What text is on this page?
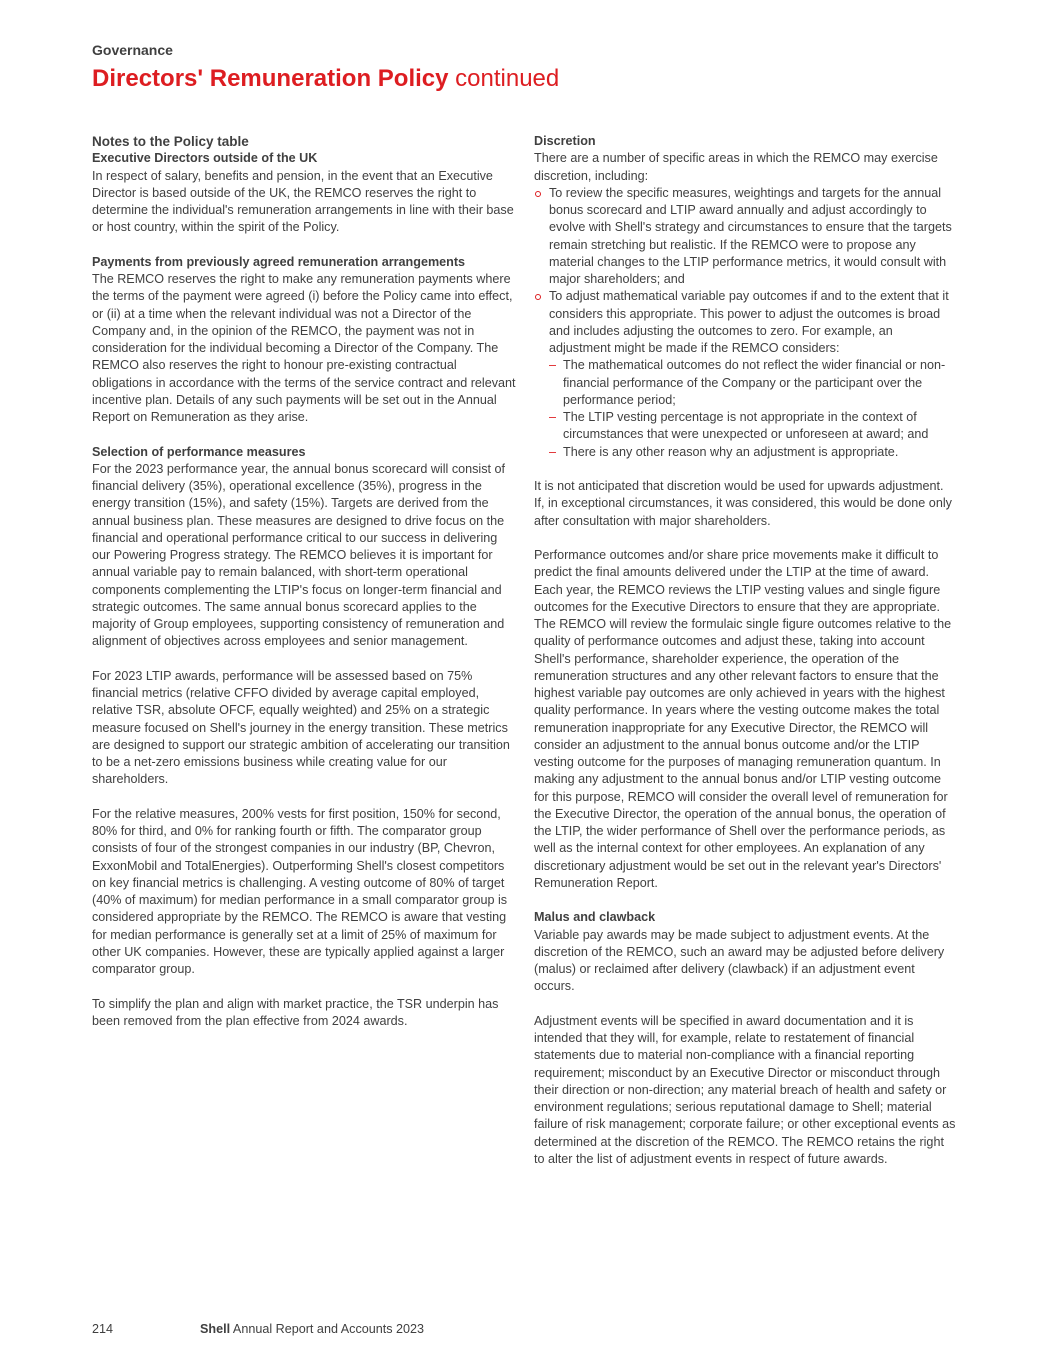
Governance
Directors' Remuneration Policy continued
Notes to the Policy table
Executive Directors outside of the UK

In respect of salary, benefits and pension, in the event that an Executive Director is based outside of the UK, the REMCO reserves the right to determine the individual's remuneration arrangements in line with their base or host country, within the spirit of the Policy.

Payments from previously agreed remuneration arrangements

The REMCO reserves the right to make any remuneration payments where the terms of the payment were agreed (i) before the Policy came into effect, or (ii) at a time when the relevant individual was not a Director of the Company and, in the opinion of the REMCO, the payment was not in consideration for the individual becoming a Director of the Company. The REMCO also reserves the right to honour pre-existing contractual obligations in accordance with the terms of the service contract and relevant incentive plan. Details of any such payments will be set out in the Annual Report on Remuneration as they arise.

Selection of performance measures

For the 2023 performance year, the annual bonus scorecard will consist of financial delivery (35%), operational excellence (35%), progress in the energy transition (15%), and safety (15%). Targets are derived from the annual business plan. These measures are designed to drive focus on the financial and operational performance critical to our success in delivering our Powering Progress strategy. The REMCO believes it is important for annual variable pay to remain balanced, with short-term operational components complementing the LTIP's focus on longer-term financial and strategic outcomes. The same annual bonus scorecard applies to the majority of Group employees, supporting consistency of remuneration and alignment of objectives across employees and senior management.

For 2023 LTIP awards, performance will be assessed based on 75% financial metrics (relative CFFO divided by average capital employed, relative TSR, absolute OFCF, equally weighted) and 25% on a strategic measure focused on Shell's journey in the energy transition. These metrics are designed to support our strategic ambition of accelerating our transition to be a net-zero emissions business while creating value for our shareholders.

For the relative measures, 200% vests for first position, 150% for second, 80% for third, and 0% for ranking fourth or fifth. The comparator group consists of four of the strongest companies in our industry (BP, Chevron, ExxonMobil and TotalEnergies). Outperforming Shell's closest competitors on key financial metrics is challenging. A vesting outcome of 80% of target (40% of maximum) for median performance in a small comparator group is considered appropriate by the REMCO. The REMCO is aware that vesting for median performance is generally set at a limit of 25% of maximum for other UK companies. However, these are typically applied against a larger comparator group.

To simplify the plan and align with market practice, the TSR underpin has been removed from the plan effective from 2024 awards.

Discretion

There are a number of specific areas in which the REMCO may exercise discretion, including:

To review the specific measures, weightings and targets for the annual bonus scorecard and LTIP award annually and adjust accordingly to evolve with Shell's strategy and circumstances to ensure that the targets remain stretching but realistic. If the REMCO were to propose any material changes to the LTIP performance metrics, it would consult with major shareholders; and
To adjust mathematical variable pay outcomes if and to the extent that it considers this appropriate. This power to adjust the outcomes is broad and includes adjusting the outcomes to zero. For example, an adjustment might be made if the REMCO considers:
– The mathematical outcomes do not reflect the wider financial or non-financial performance of the Company or the participant over the performance period;
– The LTIP vesting percentage is not appropriate in the context of circumstances that were unexpected or unforeseen at award; and
– There is any other reason why an adjustment is appropriate.

It is not anticipated that discretion would be used for upwards adjustment. If, in exceptional circumstances, it was considered, this would be done only after consultation with major shareholders.

Performance outcomes and/or share price movements make it difficult to predict the final amounts delivered under the LTIP at the time of award. Each year, the REMCO reviews the LTIP vesting values and single figure outcomes for the Executive Directors to ensure that they are appropriate. The REMCO will review the formulaic single figure outcomes relative to the quality of performance outcomes and adjust these, taking into account Shell's performance, shareholder experience, the operation of the remuneration structures and any other relevant factors to ensure that the highest variable pay outcomes are only achieved in years with the highest quality performance. In years where the vesting outcome makes the total remuneration inappropriate for any Executive Director, the REMCO will consider an adjustment to the annual bonus outcome and/or the LTIP vesting outcome for the purposes of managing remuneration quantum. In making any adjustment to the annual bonus and/or LTIP vesting outcome for this purpose, REMCO will consider the overall level of remuneration for the Executive Director, the operation of the annual bonus, the operation of the LTIP, the wider performance of Shell over the performance periods, as well as the internal context for other employees. An explanation of any discretionary adjustment would be set out in the relevant year's Directors' Remuneration Report.

Malus and clawback

Variable pay awards may be made subject to adjustment events. At the discretion of the REMCO, such an award may be adjusted before delivery (malus) or reclaimed after delivery (clawback) if an adjustment event occurs.

Adjustment events will be specified in award documentation and it is intended that they will, for example, relate to restatement of financial statements due to material non-compliance with a financial reporting requirement; misconduct by an Executive Director or misconduct through their direction or non-direction; any material breach of health and safety or environment regulations; serious reputational damage to Shell; material failure of risk management; corporate failure; or other exceptional events as determined at the discretion of the REMCO. The REMCO retains the right to alter the list of adjustment events in respect of future awards.

214	Shell Annual Report and Accounts 2023
